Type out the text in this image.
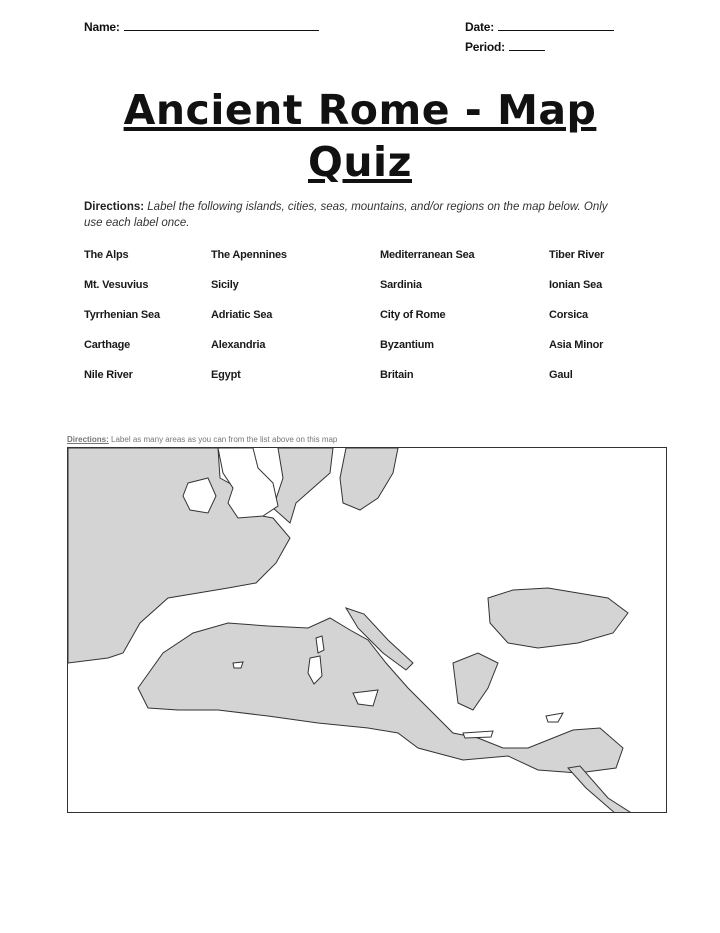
Name:	Date:
Period:
Ancient Rome - Map
Quiz
Directions: Label the following islands, cities, seas, mountains, and/or regions on the map below. Only use each label once.
The Alps	The Apennines	Mediterranean Sea	Tiber River
Mt. Vesuvius	Sicily	Sardinia	Ionian Sea
Tyrrhenian Sea	Adriatic Sea	City of Rome	Corsica
Carthage	Alexandria	Byzantium	Asia Minor
Nile River	Egypt	Britain	Gaul
Directions: Label as many areas as you can from the list above on this map
